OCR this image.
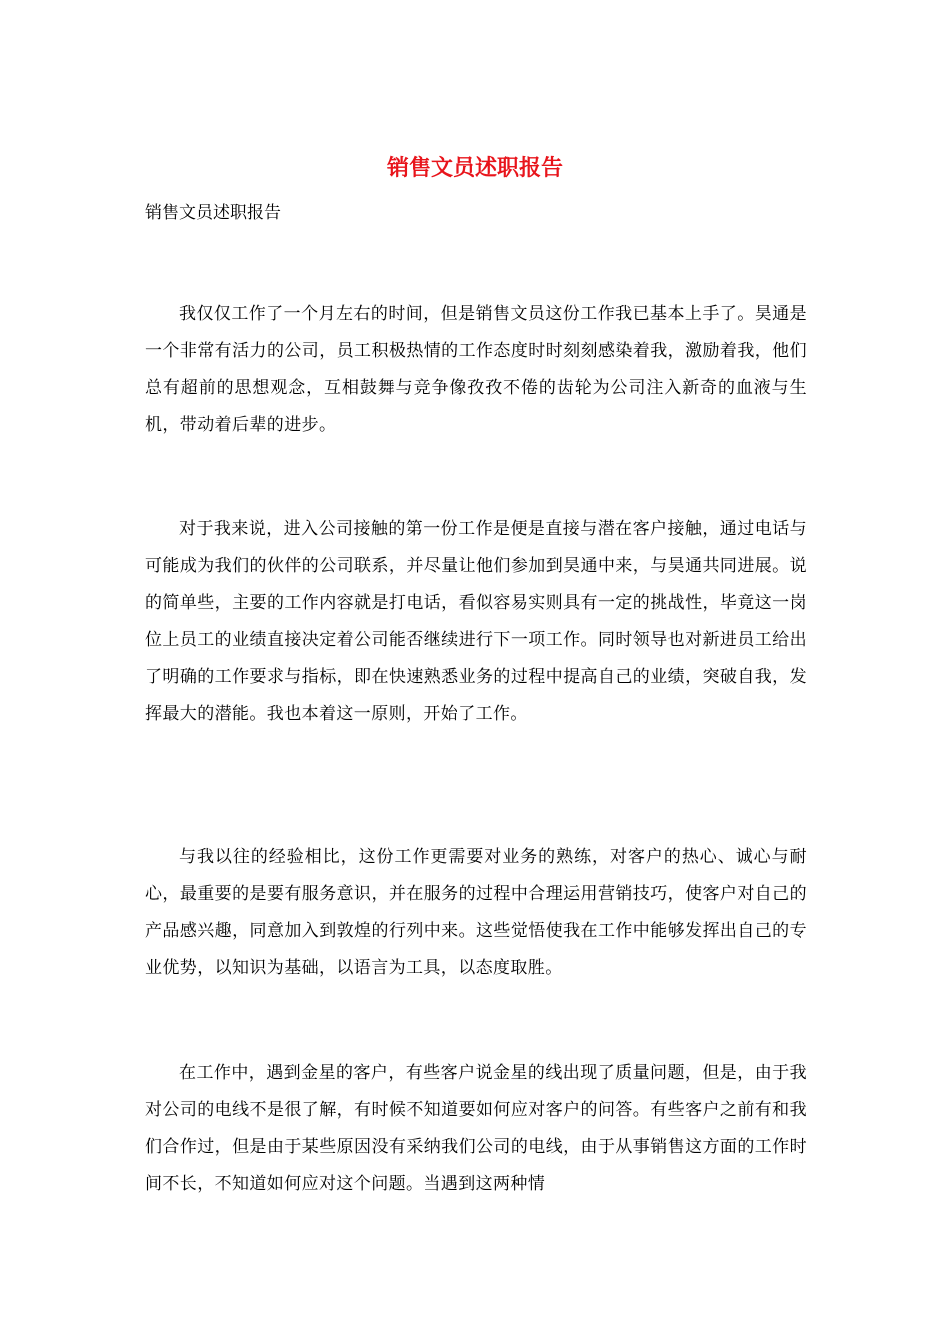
销售文员述职报告
销售文员述职报告

我仅仅工作了一个月左右的时间，但是销售文员这份工作我已基本上手了。昊通是一个非常有活力的公司，员工积极热情的工作态度时时刻刻感染着我，激励着我，他们总有超前的思想观念，互相鼓舞与竞争像孜孜不倦的齿轮为公司注入新奇的血液与生机，带动着后辈的进步。

对于我来说，进入公司接触的第一份工作是便是直接与潜在客户接触，通过电话与可能成为我们的伙伴的公司联系，并尽量让他们参加到昊通中来，与昊通共同进展。说的简单些，主要的工作内容就是打电话，看似容易实则具有一定的挑战性，毕竟这一岗位上员工的业绩直接决定着公司能否继续进行下一项工作。同时领导也对新进员工给出了明确的工作要求与指标，即在快速熟悉业务的过程中提高自己的业绩，突破自我，发挥最大的潜能。我也本着这一原则，开始了工作。

与我以往的经验相比，这份工作更需要对业务的熟练，对客户的热心、诚心与耐心，最重要的是要有服务意识，并在服务的过程中合理运用营销技巧，使客户对自己的产品感兴趣，同意加入到敦煌的行列中来。这些觉悟使我在工作中能够发挥出自己的专业优势，以知识为基础，以语言为工具，以态度取胜。

在工作中，遇到金星的客户，有些客户说金星的线出现了质量问题，但是，由于我对公司的电线不是很了解，有时候不知道要如何应对客户的问答。有些客户之前有和我们合作过，但是由于某些原因没有采纳我们公司的电线，由于从事销售这方面的工作时间不长，不知道如何应对这个问题。当遇到这两种情
